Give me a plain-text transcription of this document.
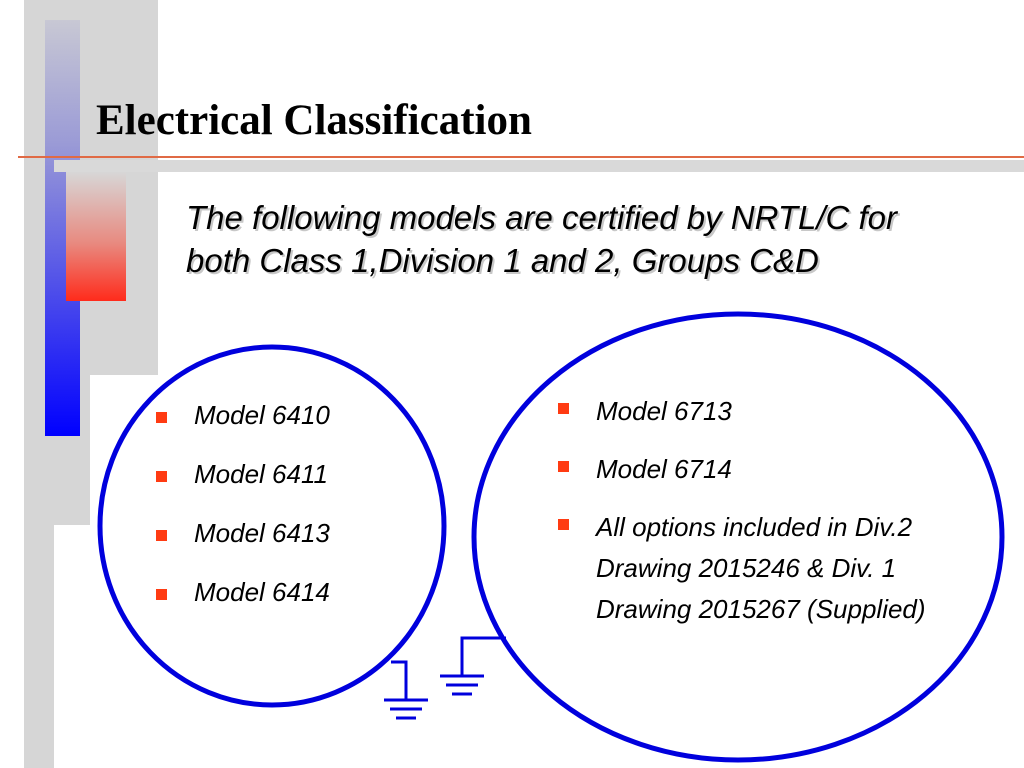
Electrical Classification

The following models are certified by NRTL/C for both Class 1,Division 1 and 2, Groups C&D

Model 6410
Model 6411
Model 6413
Model 6414
Model 6713
Model 6714
All options included in Div.2 Drawing 2015246 & Div. 1 Drawing 2015267 (Supplied)
